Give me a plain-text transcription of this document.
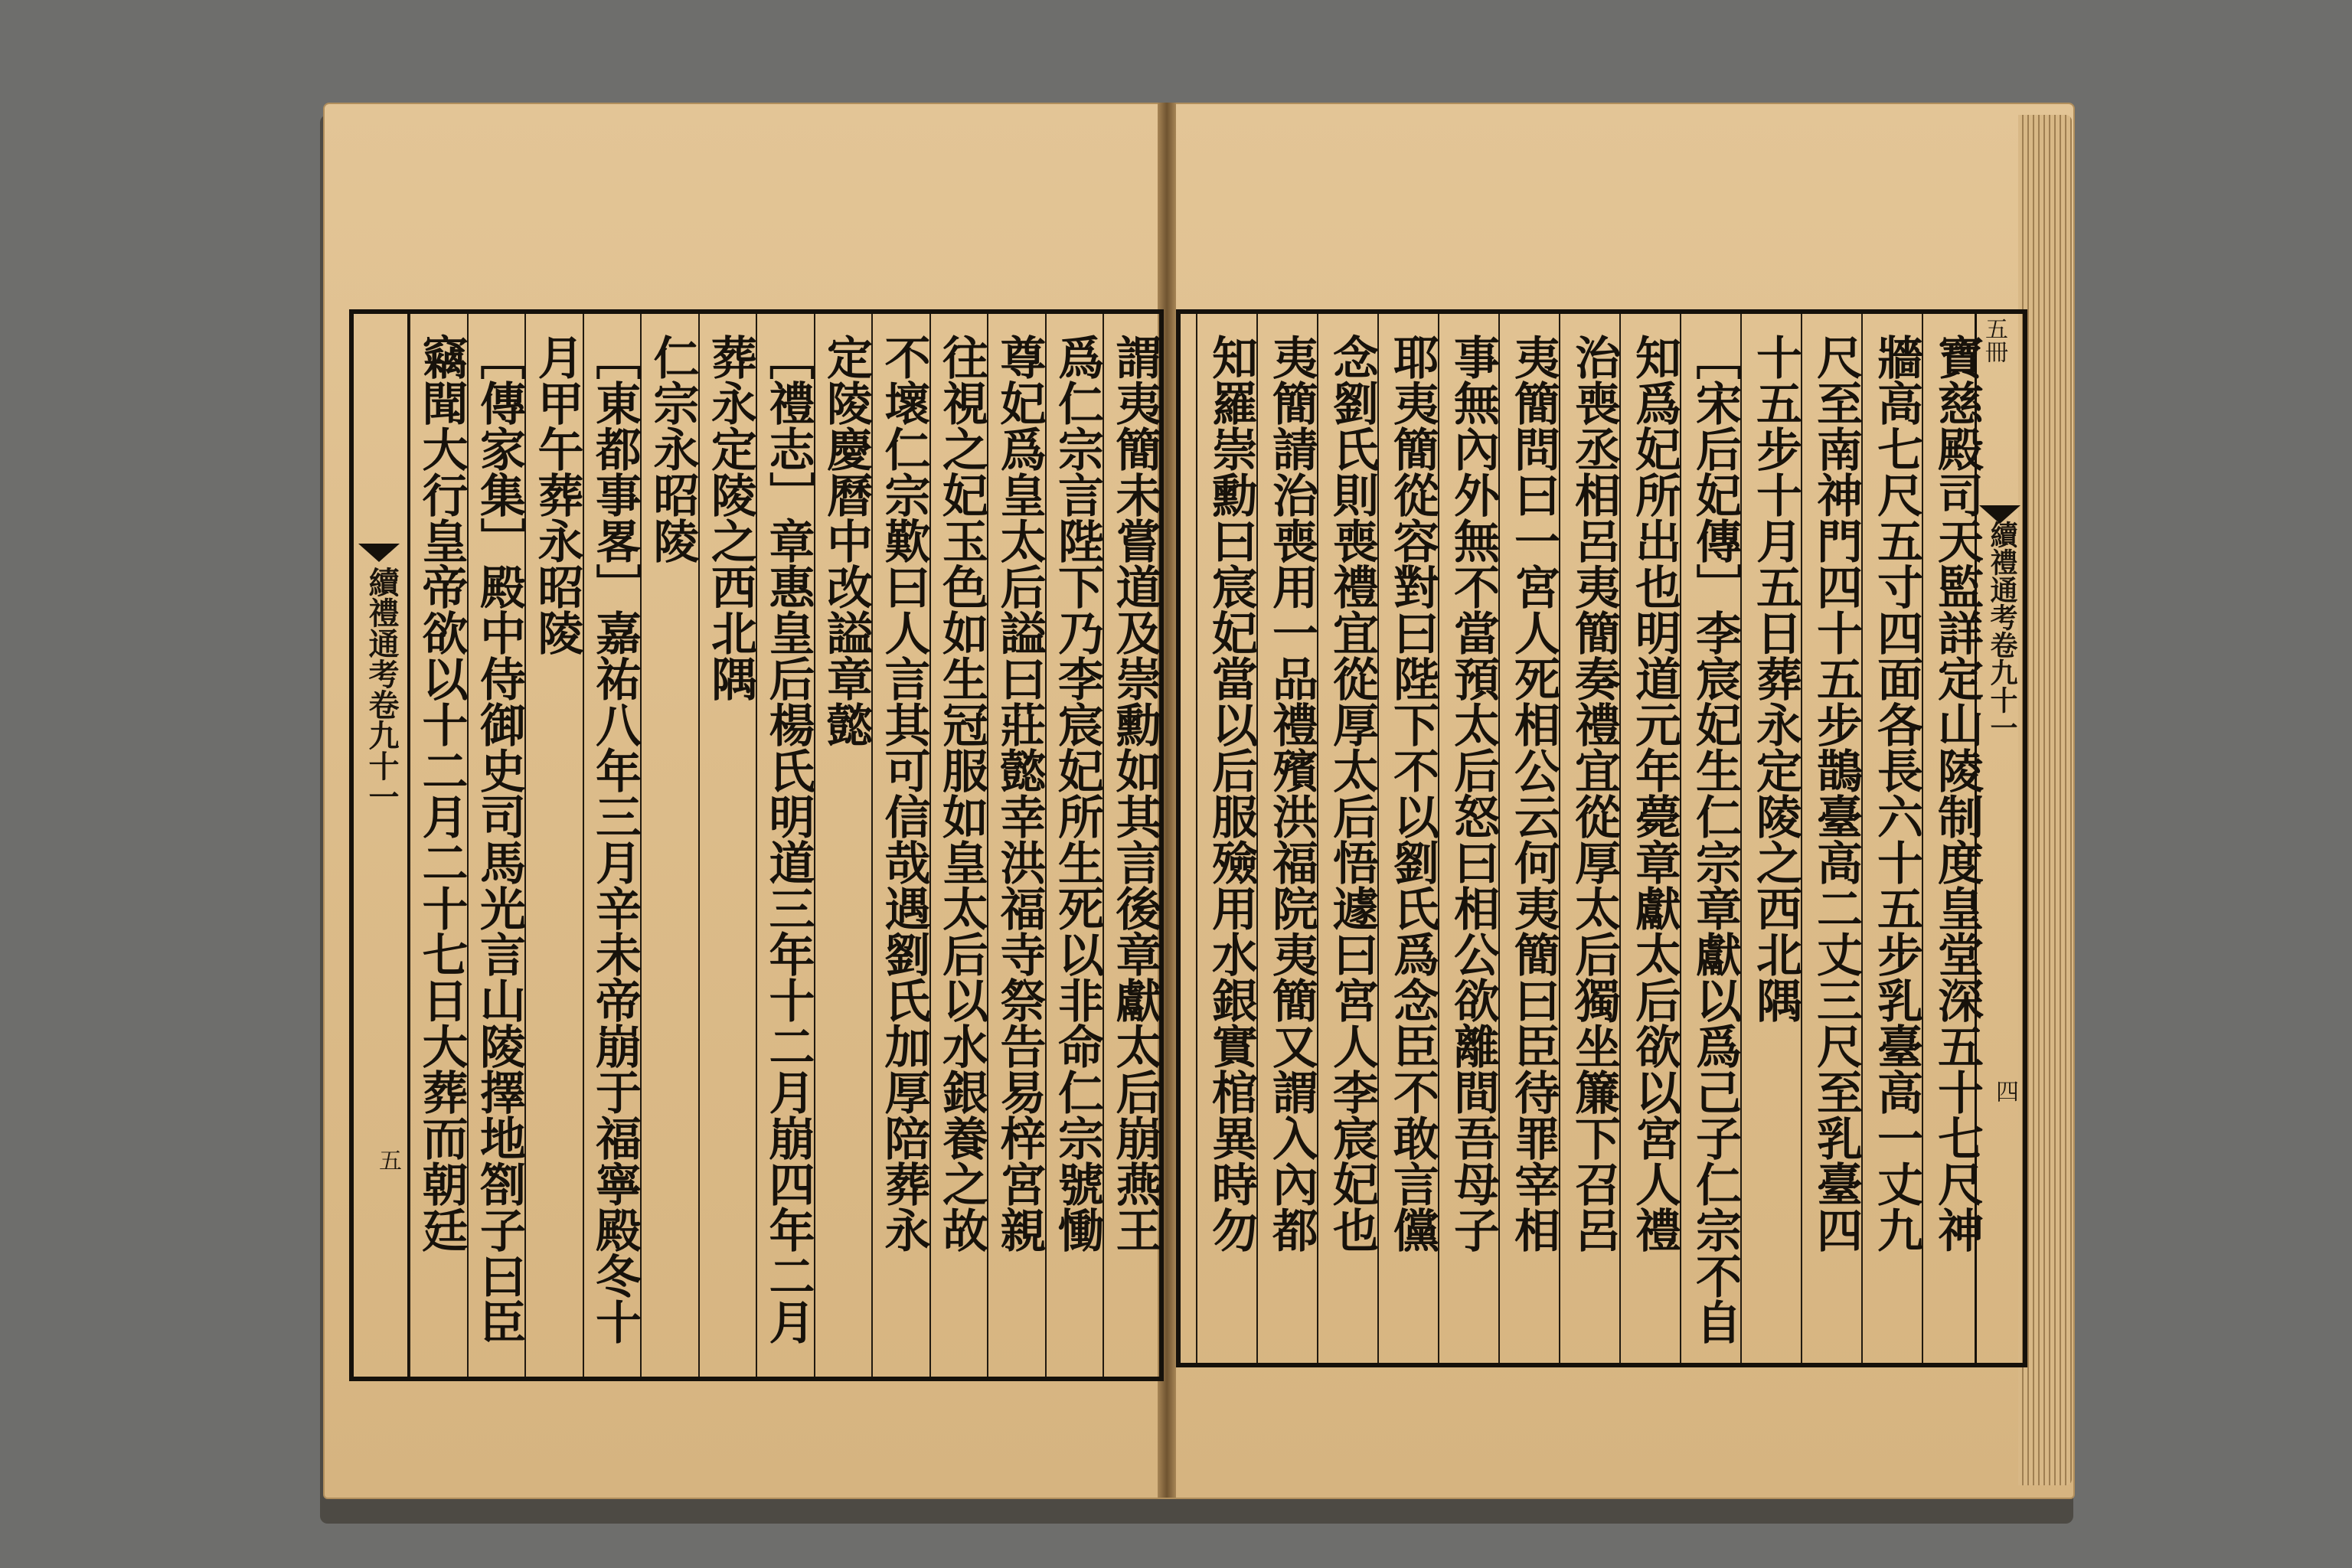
續禮通考卷九十一
五	謂夷簡未嘗道及崇勳如其言後章獻太后崩燕王
爲仁宗言陛下乃李宸妃所生死以非命仁宗號慟
尊妃爲皇太后謚曰莊懿幸洪福寺祭告易梓宮親
往視之妃玉色如生冠服如皇太后以水銀養之故
不壞仁宗歎曰人言其可信哉遇劉氏加厚陪葬永
定陵慶曆中改謚章懿
［禮志］章惠皇后楊氏明道三年十二月崩四年二月
葬永定陵之西北隅
仁宗永昭陵
［東都事畧］嘉祐八年三月辛未帝崩于福寧殿冬十
月甲午葬永昭陵
［傳家集］殿中侍御史司馬光言山陵擇地劄子曰臣
竊聞大行皇帝欲以十二月二十七日大葬而朝廷	五冊
續禮通考卷九十一
四
寶慈殿司天監詳定山陵制度皇堂深五十七尺神
牆高七尺五寸四面各長六十五步乳臺高一丈九
尺至南神門四十五步鵲臺高二丈三尺至乳臺四
十五步十月五日葬永定陵之西北隅
［宋后妃傳］李宸妃生仁宗章獻以爲己子仁宗不自
知爲妃所出也明道元年薨章獻太后欲以宮人禮
治喪丞相呂夷簡奏禮宜從厚太后獨坐簾下召呂
夷簡問曰一宮人死相公云何夷簡曰臣待罪宰相
事無內外無不當預太后怒曰相公欲離間吾母子
耶夷簡從容對曰陛下不以劉氏爲念臣不敢言儻
念劉氏則喪禮宜從厚太后悟遽曰宮人李宸妃也
夷簡請治喪用一品禮殯洪福院夷簡又謂入內都
知羅崇勳曰宸妃當以后服殮用水銀實棺異時勿
